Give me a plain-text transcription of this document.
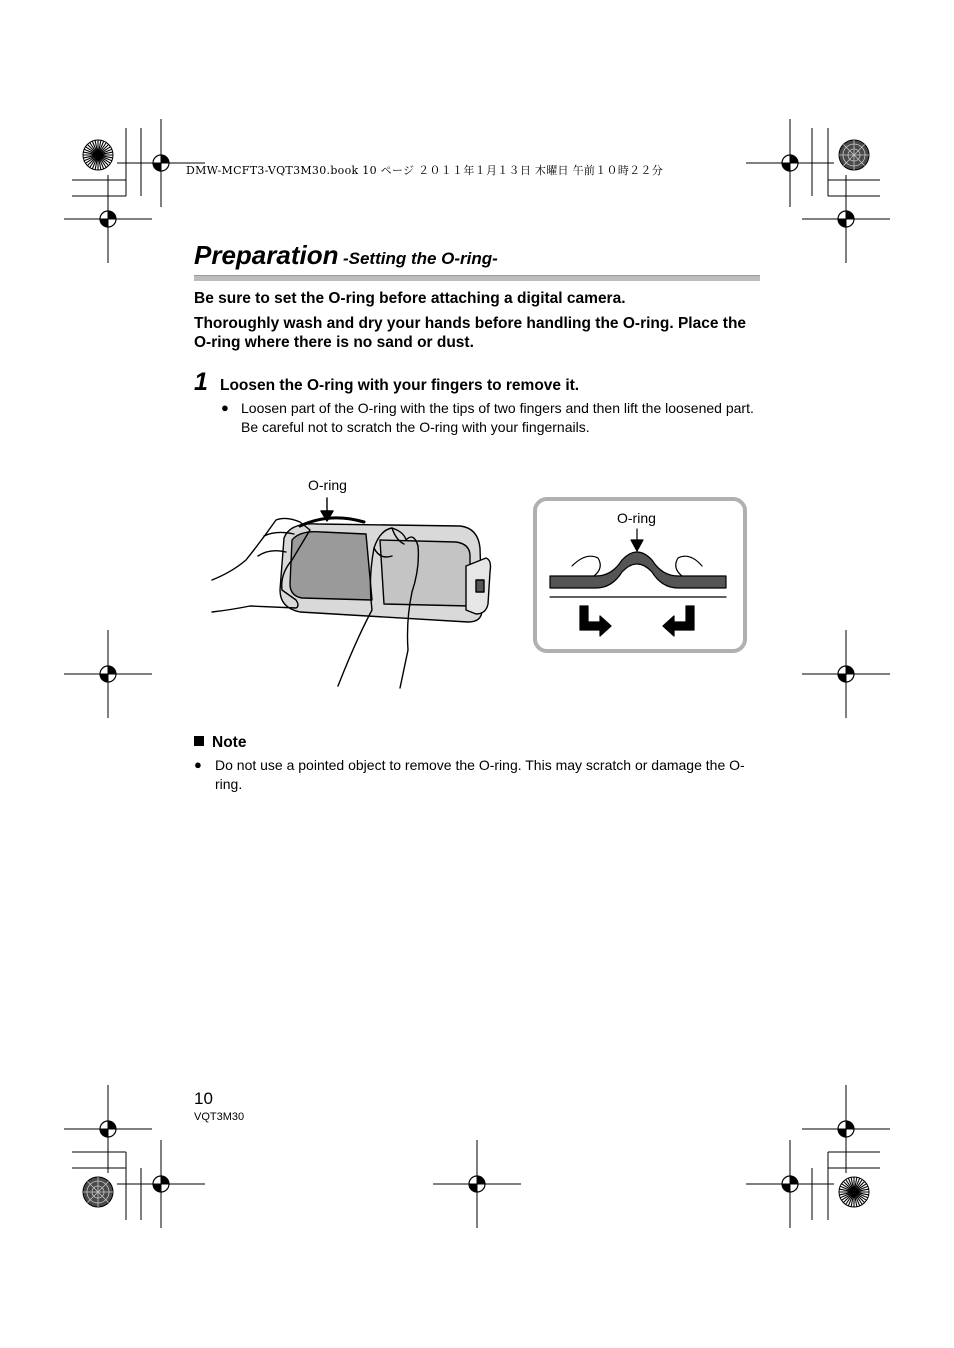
DMW-MCFT3-VQT3M30.book 10 ページ ２０１１年１月１３日 木曜日 午前１０時２２分
Preparation -Setting the O-ring-
Be sure to set the O-ring before attaching a digital camera.
Thoroughly wash and dry your hands before handling the O-ring. Place the O-ring where there is no sand or dust.
1 Loosen the O-ring with your fingers to remove it.
● Loosen part of the O-ring with the tips of two fingers and then lift the loosened part. Be careful not to scratch the O-ring with your fingernails.
O-ring
O-ring
Note
● Do not use a pointed object to remove the O-ring. This may scratch or damage the O-ring.
10
VQT3M30
